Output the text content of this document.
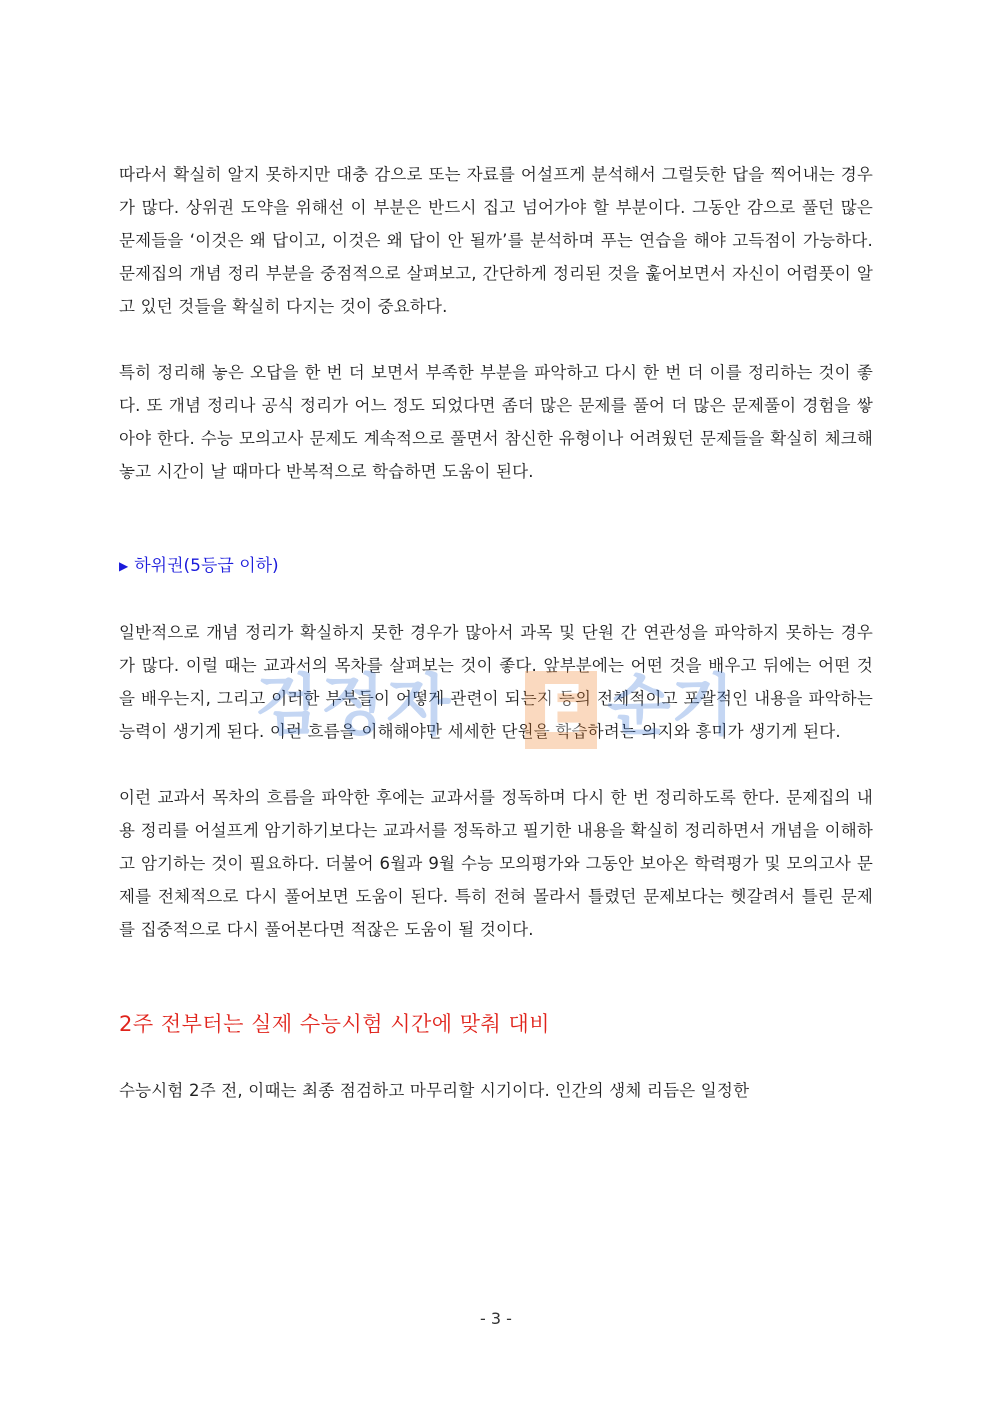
따라서 확실히 알지 못하지만 대충 감으로 또는 자료를 어설프게 분석해서 그럴듯한 답을 찍어내는 경우가 많다. 상위권 도약을 위해선 이 부분은 반드시 집고 넘어가야 할 부분이다. 그동안 감으로 풀던 많은 문제들을 ‘이것은 왜 답이고, 이것은 왜 답이 안 될까’를 분석하며 푸는 연습을 해야 고득점이 가능하다. 문제집의 개념 정리 부분을 중점적으로 살펴보고, 간단하게 정리된 것을 훑어보면서 자신이 어렴풋이 알고 있던 것들을 확실히 다지는 것이 중요하다.

특히 정리해 놓은 오답을 한 번 더 보면서 부족한 부분을 파악하고 다시 한 번 더 이를 정리하는 것이 좋다. 또 개념 정리나 공식 정리가 어느 정도 되었다면 좀더 많은 문제를 풀어 더 많은 문제풀이 경험을 쌓아야 한다. 수능 모의고사 문제도 계속적으로 풀면서 참신한 유형이나 어려웠던 문제들을 확실히 체크해 놓고 시간이 날 때마다 반복적으로 학습하면 도움이 된다.

▶ 하위권(5등급 이하)

일반적으로 개념 정리가 확실하지 못한 경우가 많아서 과목 및 단원 간 연관성을 파악하지 못하는 경우가 많다. 이럴 때는 교과서의 목차를 살펴보는 것이 좋다. 앞부분에는 어떤 것을 배우고 뒤에는 어떤 것을 배우는지, 그리고 이러한 부분들이 어떻게 관련이 되는지 등의 전체적이고 포괄적인 내용을 파악하는 능력이 생기게 된다. 이런 흐름을 이해해야만 세세한 단원을 학습하려는 의지와 흥미가 생기게 된다.

이런 교과서 목차의 흐름을 파악한 후에는 교과서를 정독하며 다시 한 번 정리하도록 한다. 문제집의 내용 정리를 어설프게 암기하기보다는 교과서를 정독하고 필기한 내용을 확실히 정리하면서 개념을 이해하고 암기하는 것이 필요하다. 더불어 6월과 9월 수능 모의평가와 그동안 보아온 학력평가 및 모의고사 문제를 전체적으로 다시 풀어보면 도움이 된다. 특히 전혀 몰라서 틀렸던 문제보다는 헷갈려서 틀린 문제를 집중적으로 다시 풀어본다면 적잖은 도움이 될 것이다.

2주 전부터는 실제 수능시험 시간에 맞춰 대비

수능시험 2주 전, 이때는 최종 점검하고 마무리할 시기이다. 인간의 생체 리듬은 일정한

검정자 E 순기
- 3 -
